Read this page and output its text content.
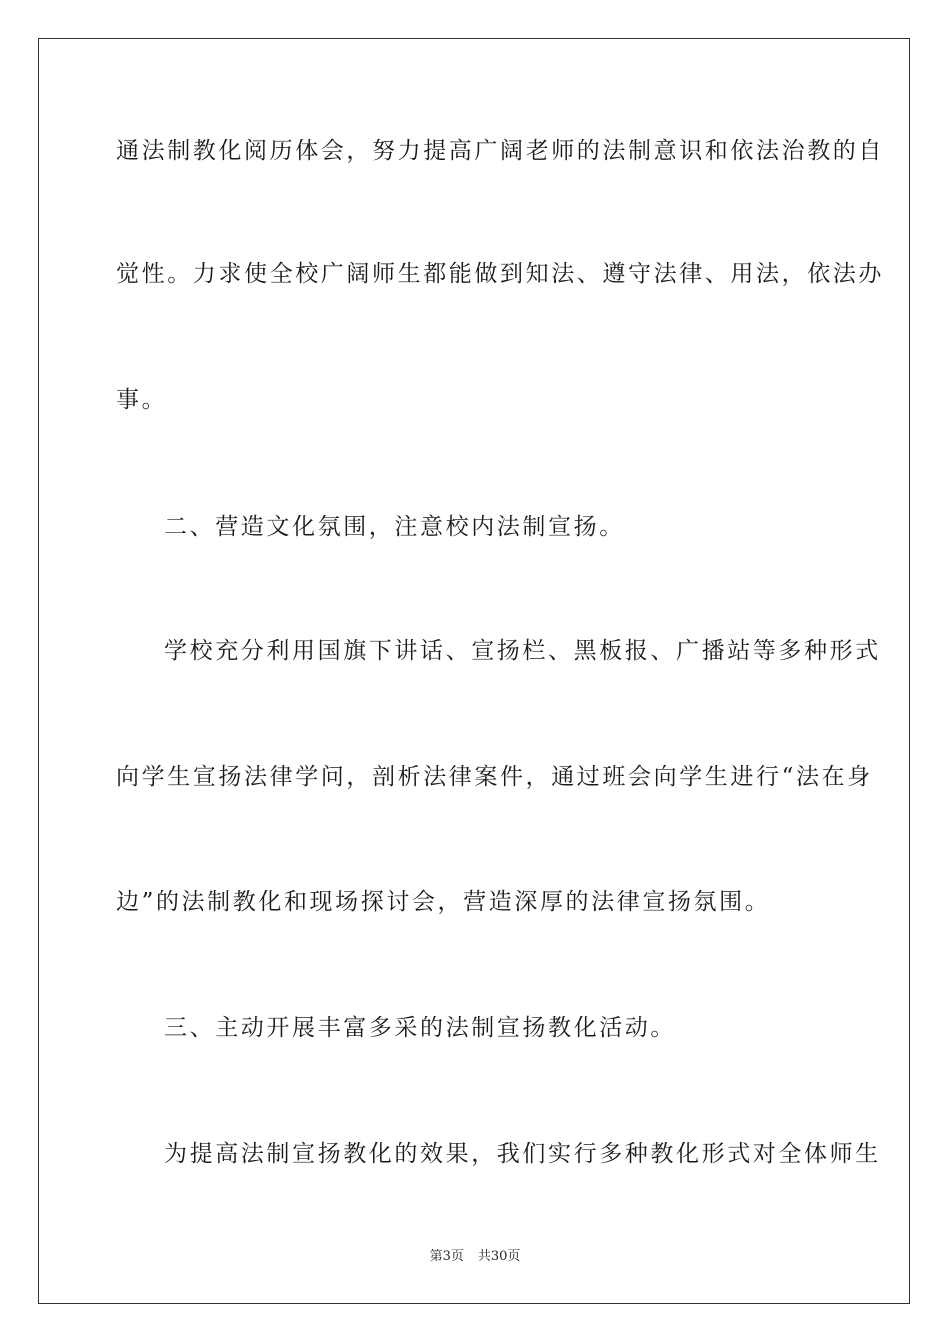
通法制教化阅历体会，努力提高广阔老师的法制意识和依法治教的自
觉性。力求使全校广阔师生都能做到知法、遵守法律、用法，依法办
事。
二、营造文化氛围，注意校内法制宣扬。
学校充分利用国旗下讲话、宣扬栏、黑板报、广播站等多种形式
向学生宣扬法律学问，剖析法律案件，通过班会向学生进行“法在身
边”的法制教化和现场探讨会，营造深厚的法律宣扬氛围。
三、主动开展丰富多采的法制宣扬教化活动。
为提高法制宣扬教化的效果，我们实行多种教化形式对全体师生
第3页 共30页
